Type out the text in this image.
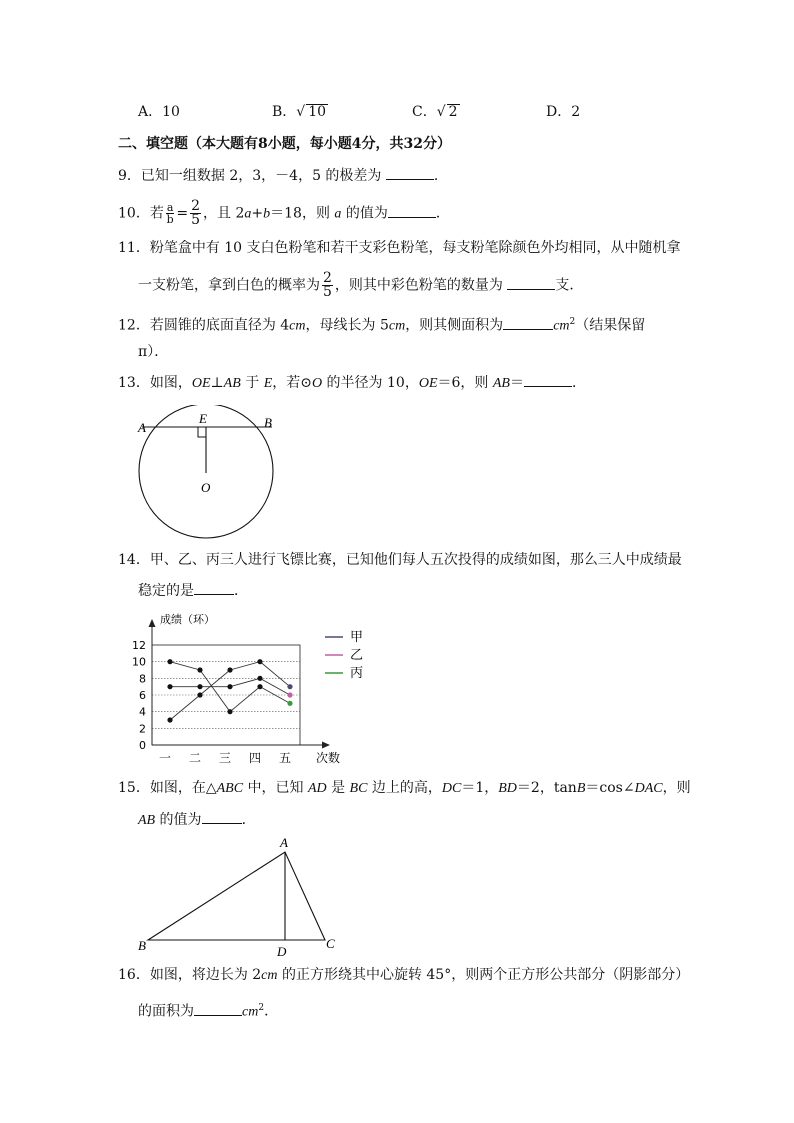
A．10	B．√ 10	C．√ 2	D．2
二、填空题（本大题有8小题，每小题4分，共32分）
9．已知一组数据 2，3，－4，5 的极差为	．
10．若 $\frac{a}{b} = \frac{2}{5}$ ，且 2a+b＝18，则 a 的值为	．
11．粉笔盒中有 10 支白色粉笔和若干支彩色粉笔，每支粉笔除颜色外均相同，从中随机拿
一支粉笔，拿到白色的概率为 $\frac{2}{5}$ ，则其中彩色粉笔的数量为	支．
12．若圆锥的底面直径为 4cm，母线长为 5cm，则其侧面积为	$cm^2$（结果保留
π）．
13．如图，OE⊥AB 于 E，若⊙O 的半径为 10，OE＝6，则 AB＝	．
A	B
E
O
14．甲、乙、丙三人进行飞镖比赛，已知他们每人五次投得的成绩如图，那么三人中成绩最
稳定的是	．
0
2
4
6
8
10
12
成绩（环）
次数
一 二 三 四 五
甲
乙
丙
15．如图，在△ABC 中，已知 AD 是 BC 边上的高，DC＝1，BD＝2，tanB＝cos∠DAC，则
AB 的值为	．
A
B	C
D
16．如图，将边长为 2cm 的正方形绕其中心旋转 45°，则两个正方形公共部分（阴影部分）
的面积为	$cm^2$．
